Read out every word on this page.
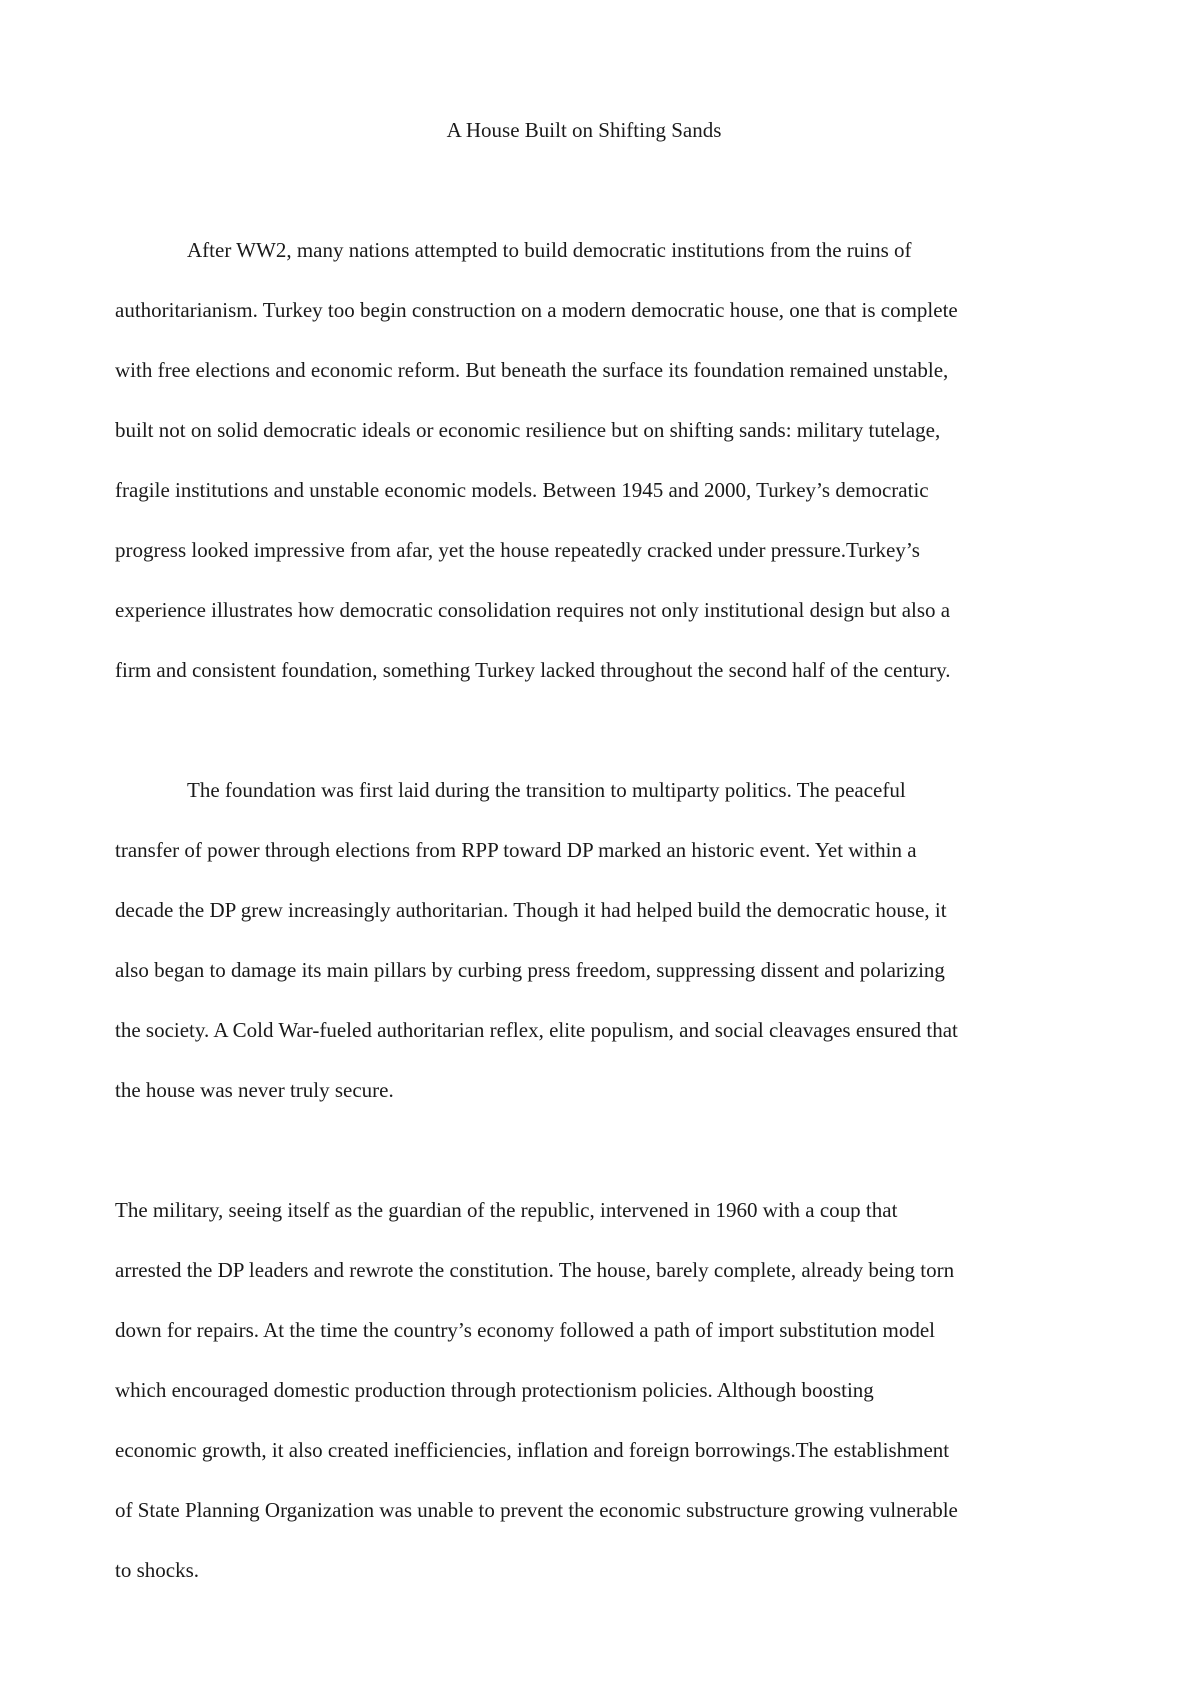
A House Built on Shifting Sands

After WW2, many nations attempted to build democratic institutions from the ruins of

authoritarianism. Turkey too begin construction on a modern democratic house, one that is complete

with free elections and economic reform. But beneath the surface its foundation remained unstable,

built not on solid democratic ideals or economic resilience but on shifting sands: military tutelage,

fragile institutions and unstable economic models. Between 1945 and 2000, Turkey’s democratic

progress looked impressive from afar, yet the house repeatedly cracked under pressure.Turkey’s

experience illustrates how democratic consolidation requires not only institutional design but also a

firm and consistent foundation, something Turkey lacked throughout the second half of the century.

The foundation was first laid during the transition to multiparty politics. The peaceful

transfer of power through elections from RPP toward DP marked an historic event. Yet within a

decade the DP grew increasingly authoritarian. Though it had helped build the democratic house, it

also began to damage its main pillars by curbing press freedom, suppressing dissent and polarizing

the society. A Cold War-fueled authoritarian reflex, elite populism, and social cleavages ensured that

the house was never truly secure.

The military, seeing itself as the guardian of the republic, intervened in 1960 with a coup that

arrested the DP leaders and rewrote the constitution. The house, barely complete, already being torn

down for repairs. At the time the country’s economy followed a path of import substitution model

which encouraged domestic production through protectionism policies. Although boosting

economic growth, it also created inefficiencies, inflation and foreign borrowings.The establishment

of State Planning Organization was unable to prevent the economic substructure growing vulnerable

to shocks.
